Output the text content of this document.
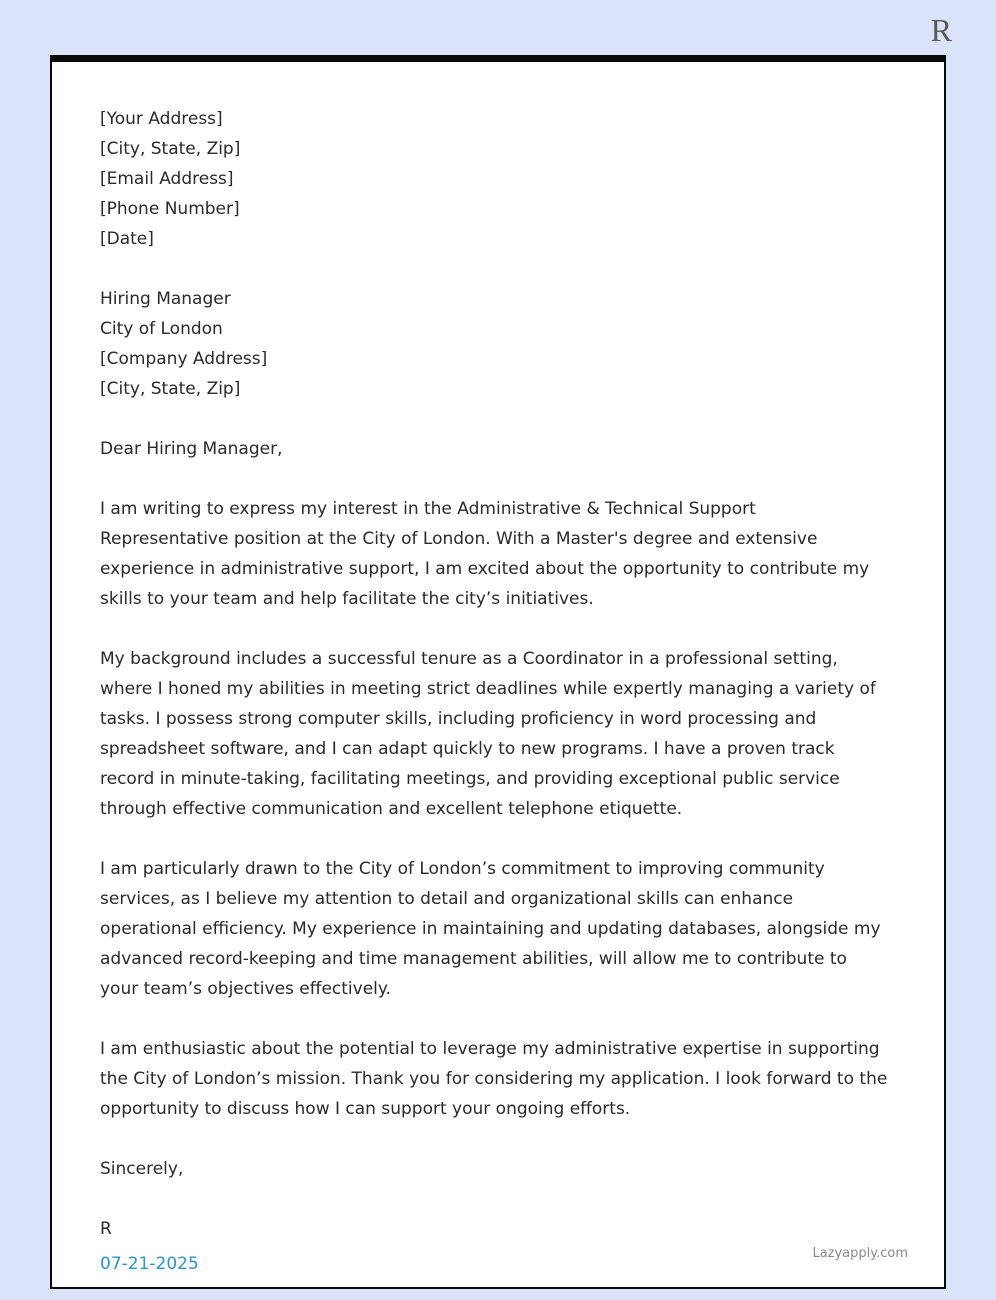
R
[Your Address]
[City, State, Zip]
[Email Address]
[Phone Number]
[Date]
Hiring Manager
City of London
[Company Address]
[City, State, Zip]
Dear Hiring Manager,

I am writing to express my interest in the Administrative & Technical Support Representative position at the City of London. With a Master's degree and extensive experience in administrative support, I am excited about the opportunity to contribute my skills to your team and help facilitate the city’s initiatives.

My background includes a successful tenure as a Coordinator in a professional setting, where I honed my abilities in meeting strict deadlines while expertly managing a variety of tasks. I possess strong computer skills, including proficiency in word processing and spreadsheet software, and I can adapt quickly to new programs. I have a proven track record in minute-taking, facilitating meetings, and providing exceptional public service through effective communication and excellent telephone etiquette.

I am particularly drawn to the City of London’s commitment to improving community services, as I believe my attention to detail and organizational skills can enhance operational efficiency. My experience in maintaining and updating databases, alongside my advanced record-keeping and time management abilities, will allow me to contribute to your team’s objectives effectively.

I am enthusiastic about the potential to leverage my administrative expertise in supporting the City of London’s mission. Thank you for considering my application. I look forward to the opportunity to discuss how I can support your ongoing efforts.

Sincerely,
R
07-21-2025
Lazyapply.com
